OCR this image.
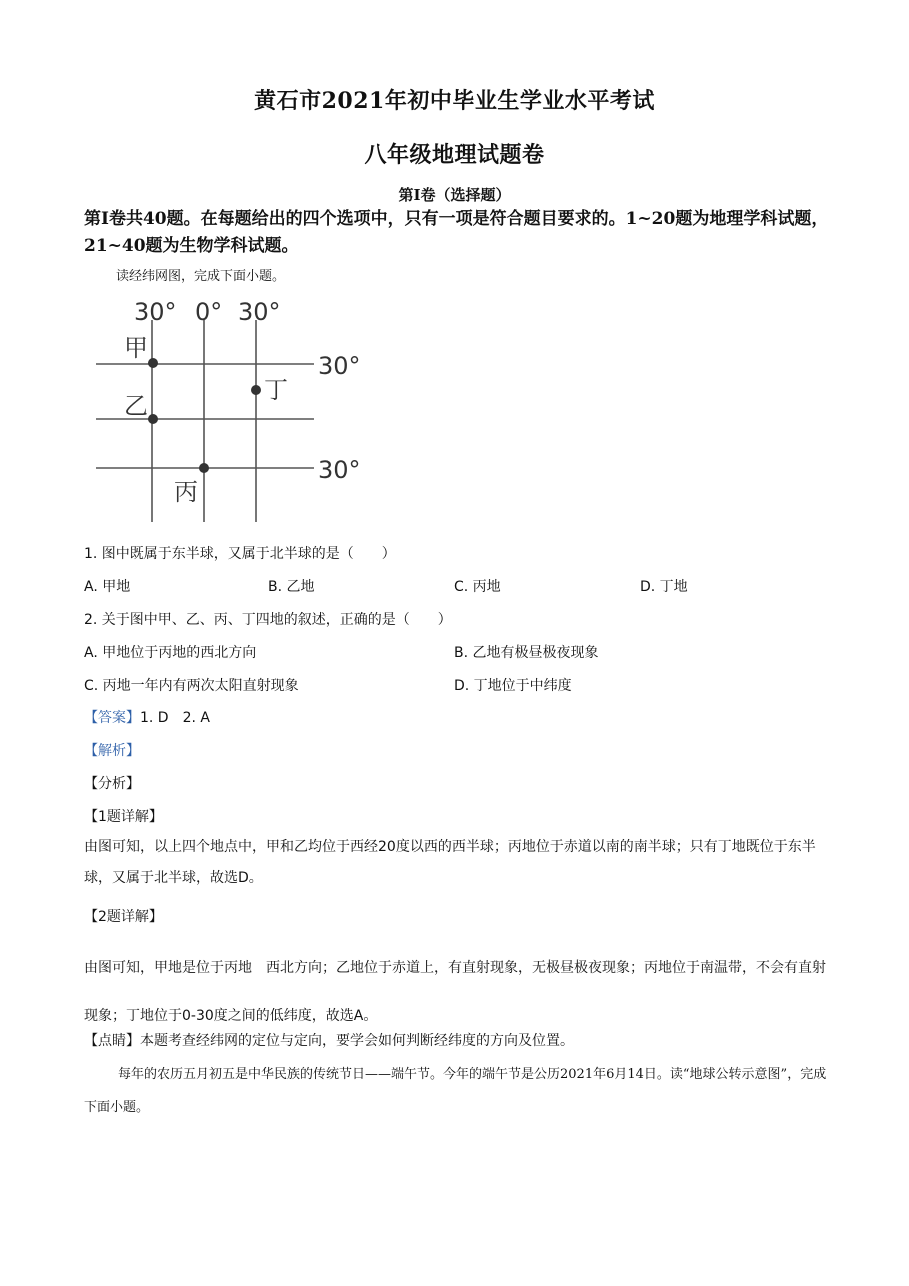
黄石市2021年初中毕业生学业水平考试
八年级地理试题卷
第I卷（选择题）
第I卷共40题。在每题给出的四个选项中，只有一项是符合题目要求的。1~20题为地理学科试题，21~40题为生物学科试题。
读经纬网图，完成下面小题。
30° 0° 30°
30°
30°
甲
乙
丙
丁
1. 图中既属于东半球，又属于北半球的是（　　）
A. 甲地	B. 乙地	C. 丙地	D. 丁地
2. 关于图中甲、乙、丙、丁四地的叙述，正确的是（　　）
A. 甲地位于丙地的西北方向	B. 乙地有极昼极夜现象
C. 丙地一年内有两次太阳直射现象	D. 丁地位于中纬度
【答案】1. D　2. A
【解析】
【分析】
【1题详解】
由图可知，以上四个地点中，甲和乙均位于西经20度以西的西半球；丙地位于赤道以南的南半球；只有丁地既位于东半球，又属于北半球，故选D。
【2题详解】
由图可知，甲地是位于丙地　西北方向；乙地位于赤道上，有直射现象，无极昼极夜现象；丙地位于南温带，不会有直射现象；丁地位于0-30度之间的低纬度，故选A。
【点睛】本题考查经纬网的定位与定向，要学会如何判断经纬度的方向及位置。
每年的农历五月初五是中华民族的传统节日——端午节。今年的端午节是公历2021年6月14日。读“地球公转示意图”，完成下面小题。
